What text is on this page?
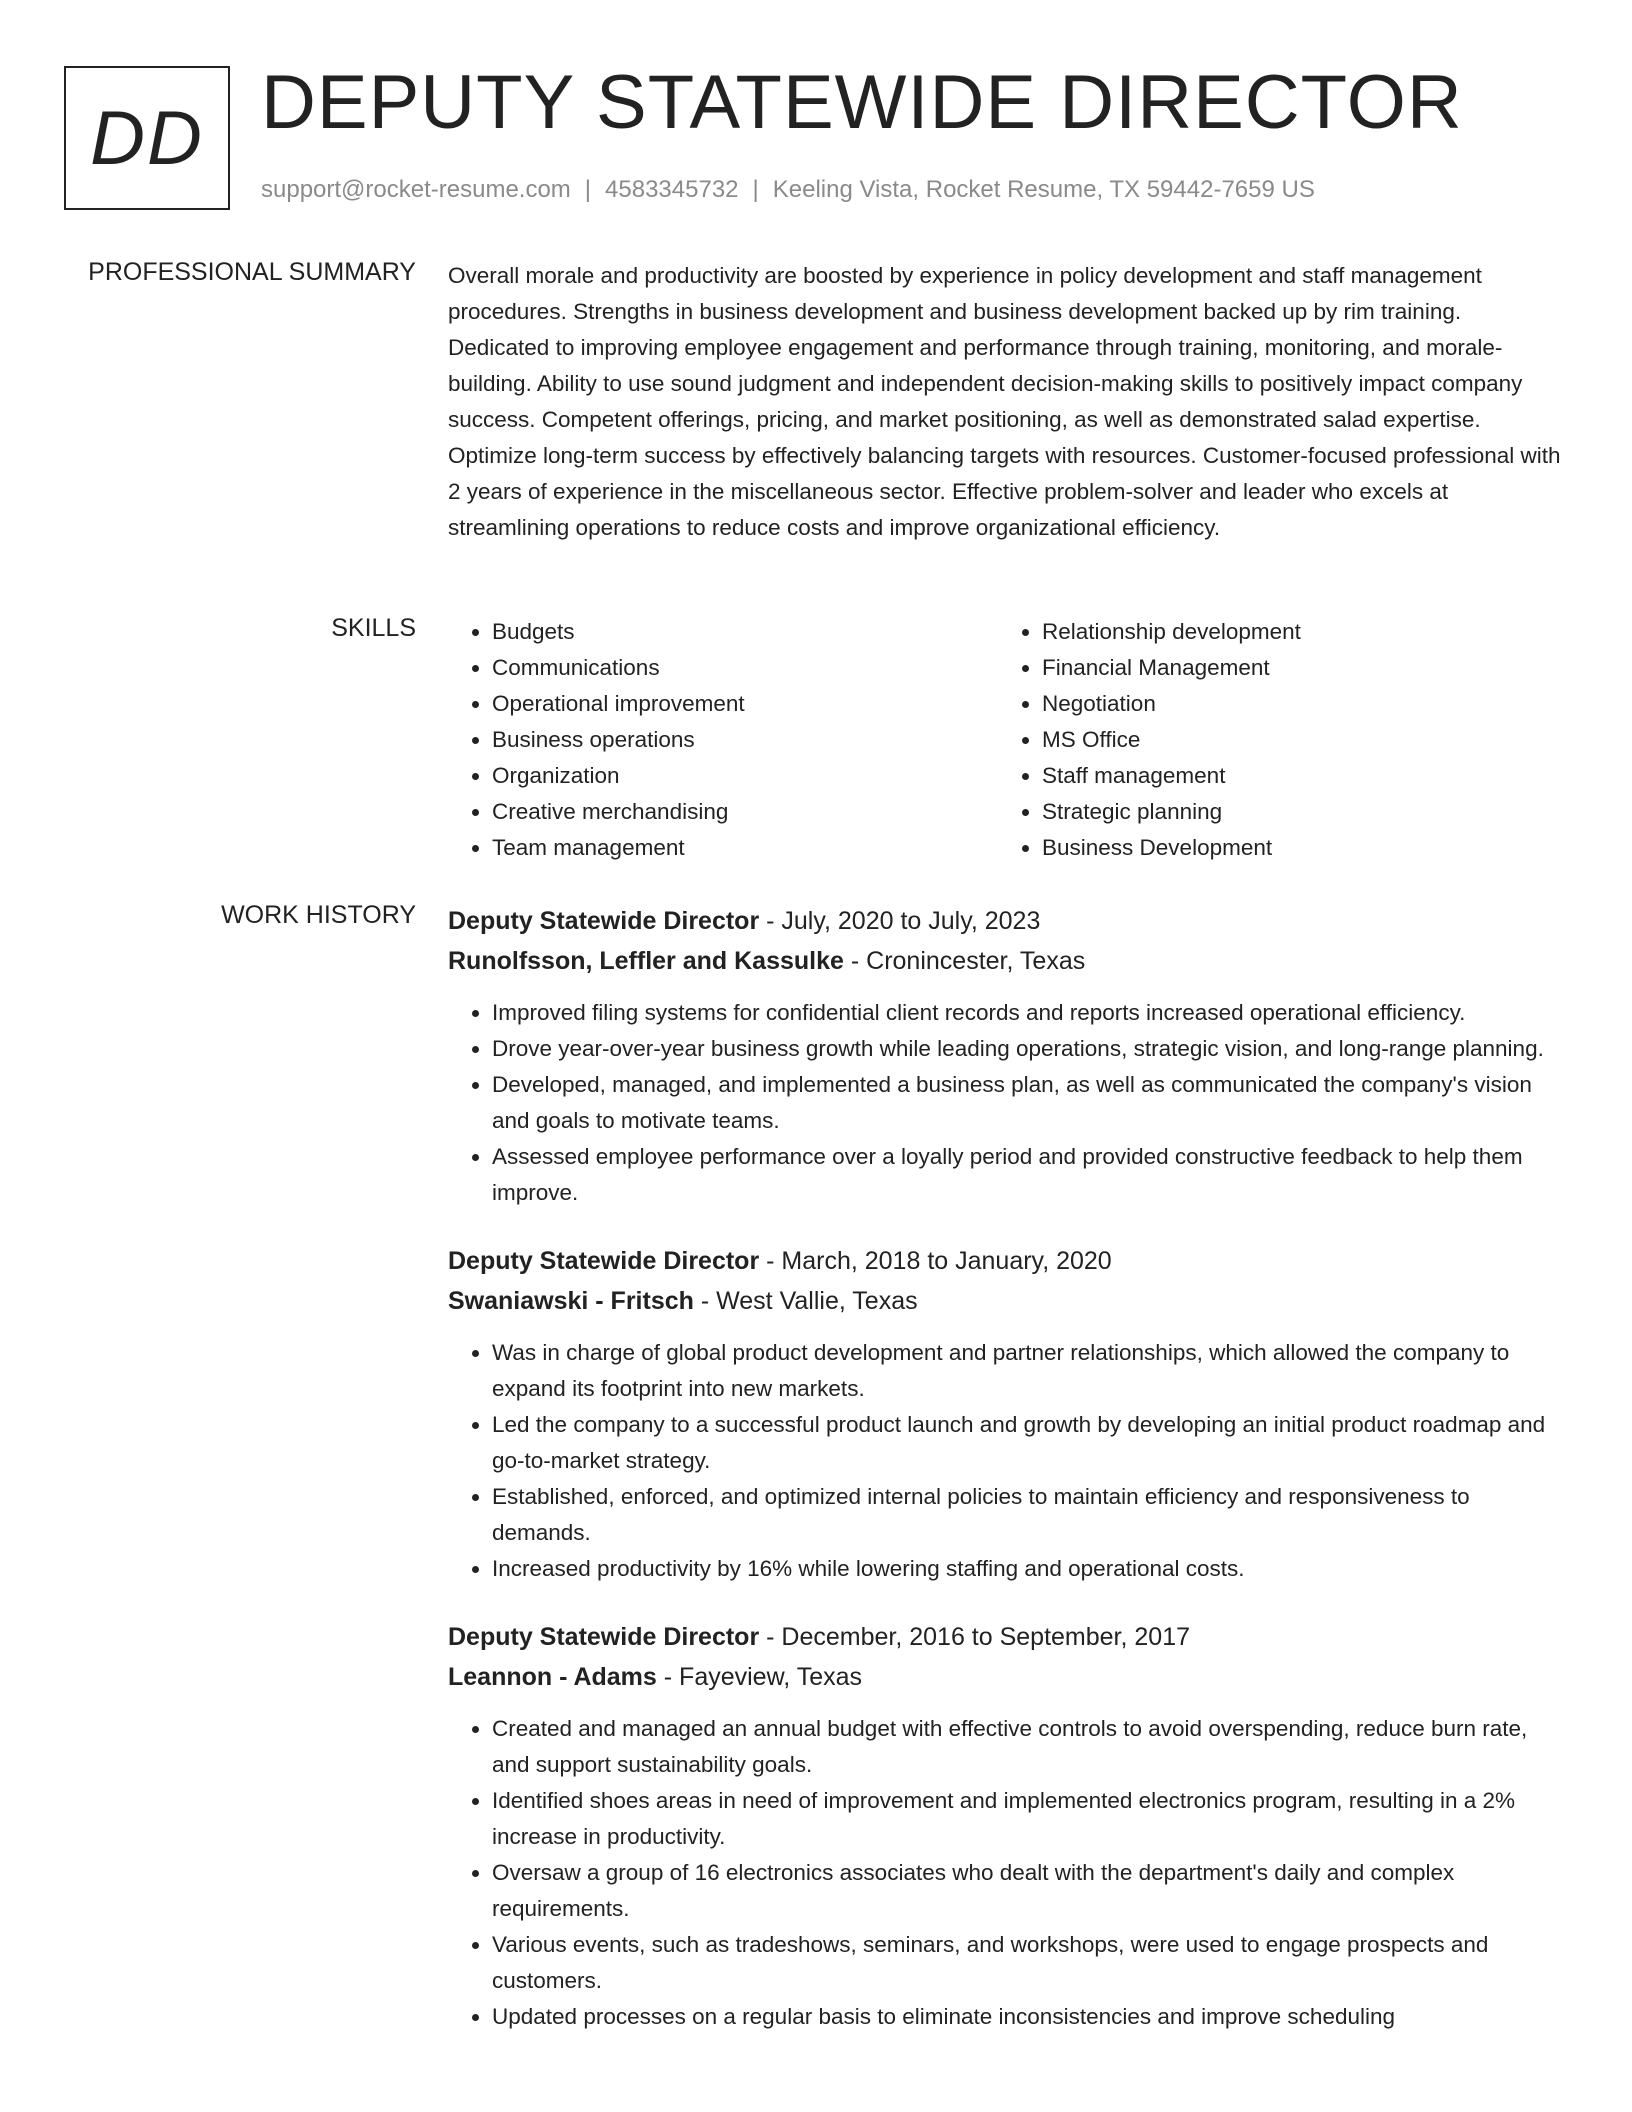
DD DEPUTY STATEWIDE DIRECTOR
support@rocket-resume.com | 4583345732 | Keeling Vista, Rocket Resume, TX 59442-7659 US
PROFESSIONAL SUMMARY Overall morale and productivity are boosted by experience in policy development and staff management procedures. Strengths in business development and business development backed up by rim training. Dedicated to improving employee engagement and performance through training, monitoring, and morale-building. Ability to use sound judgment and independent decision-making skills to positively impact company success. Competent offerings, pricing, and market positioning, as well as demonstrated salad expertise. Optimize long-term success by effectively balancing targets with resources. Customer-focused professional with 2 years of experience in the miscellaneous sector. Effective problem-solver and leader who excels at streamlining operations to reduce costs and improve organizational efficiency.
SKILLS
•	Budgets
• Communications
• Operational improvement
• Business operations
• Organization
• Creative merchandising
• Team management
• Relationship development
• Financial Management
• Negotiation
• MS Office
• Staff management
• Strategic planning
• Business Development
WORK HISTORY Deputy Statewide Director - July, 2020 to July, 2023
Runolfsson, Leffler and Kassulke - Cronincester, Texas
• Improved filing systems for confidential client records and reports increased operational efficiency.
• Drove year-over-year business growth while leading operations, strategic vision, and long-range planning.
• Developed, managed, and implemented a business plan, as well as communicated the company's vision and goals to motivate teams.
• Assessed employee performance over a loyally period and provided constructive feedback to help them improve.
Deputy Statewide Director - March, 2018 to January, 2020
Swaniawski - Fritsch - West Vallie, Texas
• Was in charge of global product development and partner relationships, which allowed the company to expand its footprint into new markets.
• Led the company to a successful product launch and growth by developing an initial product roadmap and go-to-market strategy.
• Established, enforced, and optimized internal policies to maintain efficiency and responsiveness to demands.
• Increased productivity by 16% while lowering staffing and operational costs.
Deputy Statewide Director - December, 2016 to September, 2017
Leannon - Adams - Fayeview, Texas
• Created and managed an annual budget with effective controls to avoid overspending, reduce burn rate, and support sustainability goals.
• Identified shoes areas in need of improvement and implemented electronics program, resulting in a 2% increase in productivity.
• Oversaw a group of 16 electronics associates who dealt with the department's daily and complex requirements.
• Various events, such as tradeshows, seminars, and workshops, were used to engage prospects and customers.
• Updated processes on a regular basis to eliminate inconsistencies and improve scheduling
